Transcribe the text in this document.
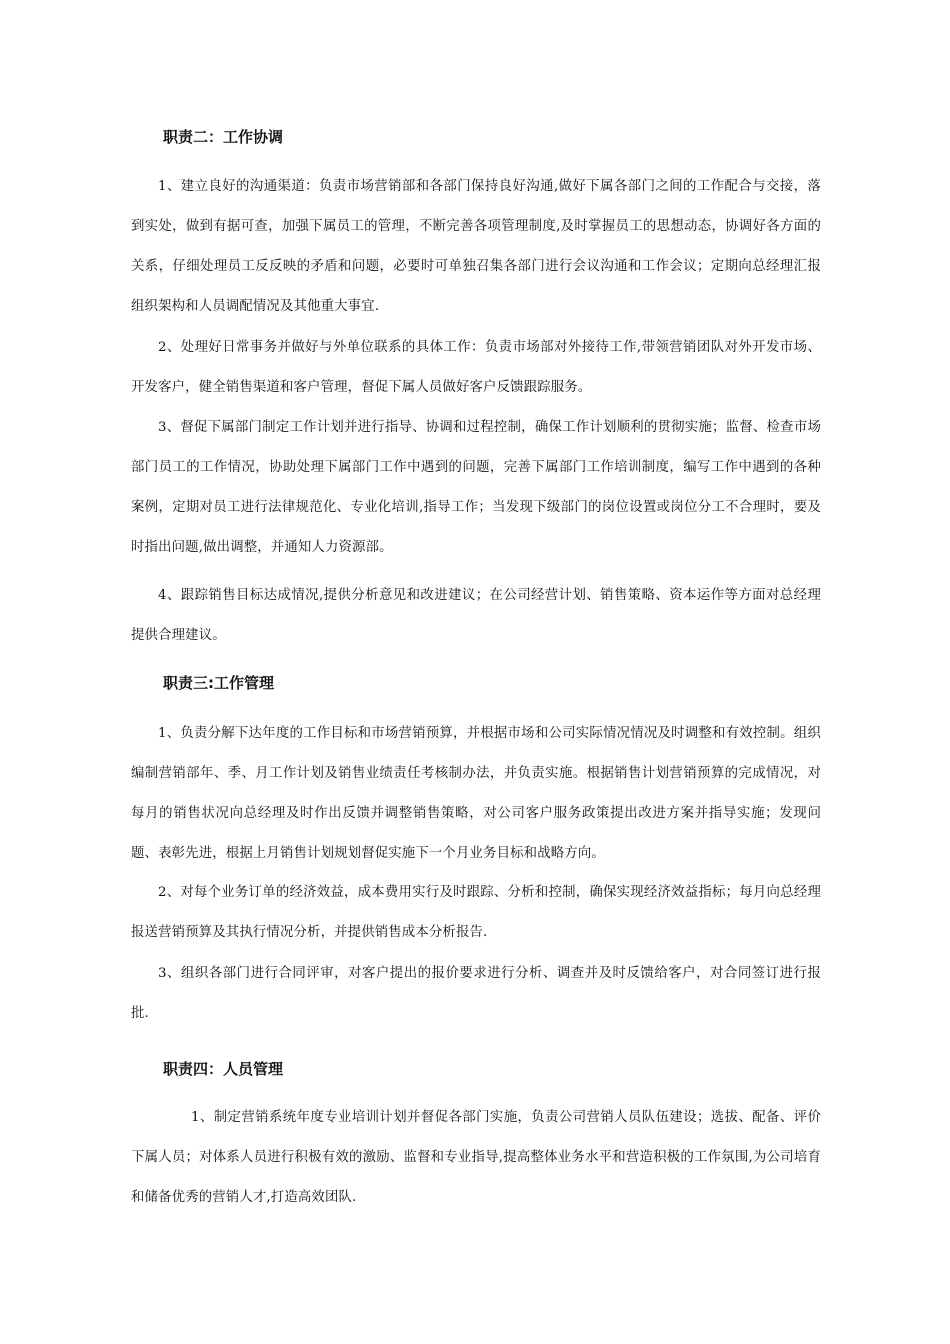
职责二：工作协调

1、建立良好的沟通渠道：负责市场营销部和各部门保持良好沟通,做好下属各部门之间的工作配合与交接，落到实处，做到有据可查，加强下属员工的管理，不断完善各项管理制度,及时掌握员工的思想动态，协调好各方面的关系，仔细处理员工反反映的矛盾和问题，必要时可单独召集各部门进行会议沟通和工作会议；定期向总经理汇报组织架构和人员调配情况及其他重大事宜.

2、处理好日常事务并做好与外单位联系的具体工作：负责市场部对外接待工作,带领营销团队对外开发市场、开发客户，健全销售渠道和客户管理，督促下属人员做好客户反馈跟踪服务。

3、督促下属部门制定工作计划并进行指导、协调和过程控制，确保工作计划顺利的贯彻实施；监督、检查市场部门员工的工作情况，协助处理下属部门工作中遇到的问题，完善下属部门工作培训制度，编写工作中遇到的各种案例，定期对员工进行法律规范化、专业化培训,指导工作；当发现下级部门的岗位设置或岗位分工不合理时，要及时指出问题,做出调整，并通知人力资源部。

4、跟踪销售目标达成情况,提供分析意见和改进建议；在公司经营计划、销售策略、资本运作等方面对总经理提供合理建议。

职责三:工作管理

1、负责分解下达年度的工作目标和市场营销预算，并根据市场和公司实际情况情况及时调整和有效控制。组织编制营销部年、季、月工作计划及销售业绩责任考核制办法，并负责实施。根据销售计划营销预算的完成情况，对每月的销售状况向总经理及时作出反馈并调整销售策略，对公司客户服务政策提出改进方案并指导实施；发现问题、表彰先进，根据上月销售计划规划督促实施下一个月业务目标和战略方向。

2、对每个业务订单的经济效益，成本费用实行及时跟踪、分析和控制，确保实现经济效益指标；每月向总经理报送营销预算及其执行情况分析，并提供销售成本分析报告.

3、组织各部门进行合同评审，对客户提出的报价要求进行分析、调查并及时反馈给客户，对合同签订进行报批.

职责四：人员管理

1、制定营销系统年度专业培训计划并督促各部门实施，负责公司营销人员队伍建设；选拔、配备、评价下属人员；对体系人员进行积极有效的激励、监督和专业指导,提高整体业务水平和营造积极的工作氛围,为公司培育和储备优秀的营销人才,打造高效团队.
